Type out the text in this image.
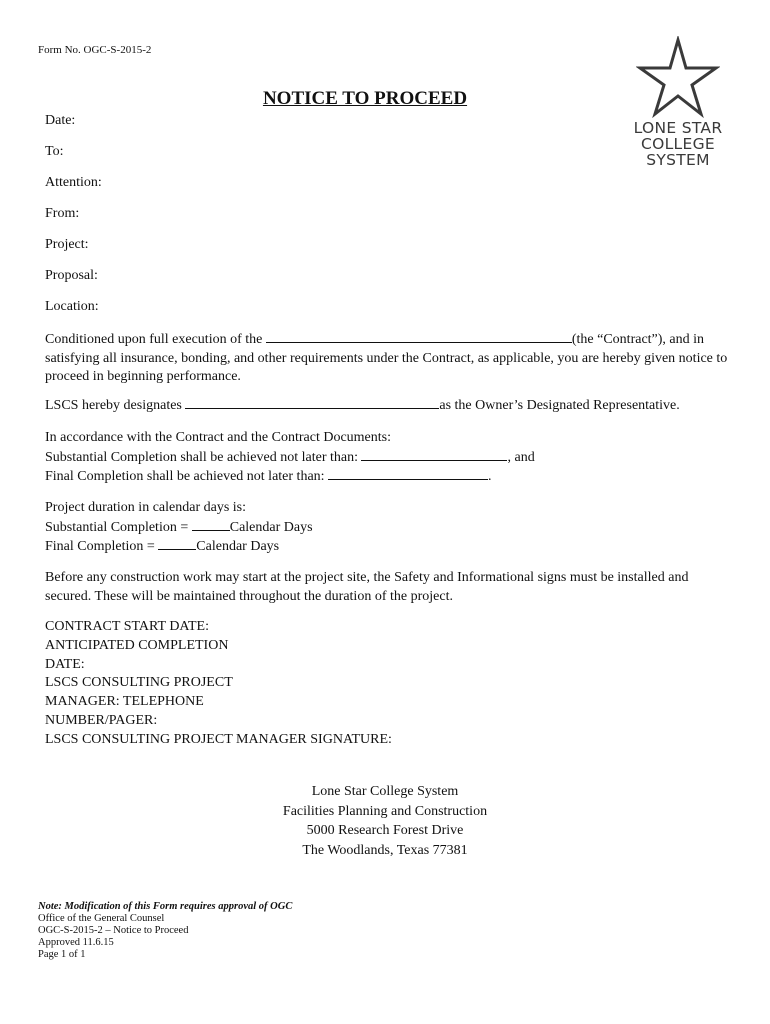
Form No. OGC-S-2015-2
LONE STAR
COLLEGE
SYSTEM
NOTICE TO PROCEED
Date:
To:
Attention:
From:
Project:
Proposal:
Location:
Conditioned upon full execution of the	(the “Contract”), and in
satisfying all insurance, bonding, and other requirements under the Contract, as applicable, you are hereby given notice to
proceed in beginning performance.
LSCS hereby designates	as the Owner’s Designated Representative.
In accordance with the Contract and the Contract Documents:
Substantial Completion shall be achieved not later than:	, and
Final Completion shall be achieved not later than:	.
Project duration in calendar days is:
Substantial Completion =	Calendar Days
Final Completion =	Calendar Days
Before any construction work may start at the project site, the Safety and Informational signs must be installed and
secured. These will be maintained throughout the duration of the project.
CONTRACT START DATE:
ANTICIPATED COMPLETION
DATE:
LSCS CONSULTING PROJECT
MANAGER: TELEPHONE
NUMBER/PAGER:
LSCS CONSULTING PROJECT MANAGER SIGNATURE:
Lone Star College System
Facilities Planning and Construction
5000 Research Forest Drive
The Woodlands, Texas 77381
Note: Modification of this Form requires approval of OGC
Office of the General Counsel
OGC-S-2015-2 – Notice to Proceed
Approved 11.6.15
Page 1 of 1
